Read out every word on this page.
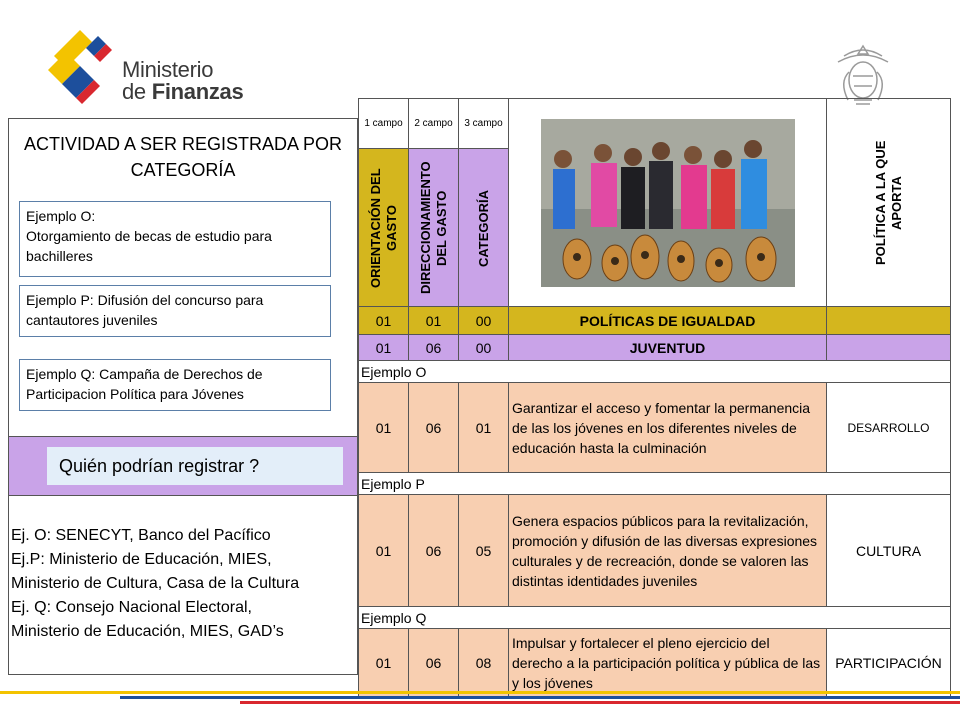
Ministerio
de Finanzas
ACTIVIDAD A SER REGISTRADA POR CATEGORÍA
Ejemplo O:
Otorgamiento de becas de estudio para bachilleres
Ejemplo P: Difusión del concurso para cantautores juveniles
Ejemplo Q: Campaña de Derechos de Participacion Política para Jóvenes
Quién podrían registrar ?
Ej. O: SENECYT, Banco del Pacífico
Ej.P: Ministerio de Educación, MIES,
Ministerio de Cultura, Casa de la Cultura
Ej. Q: Consejo Nacional Electoral,
Ministerio de Educación, MIES, GAD’s
1 campo	2 campo	3 campo		POLÍTICA A LA QUE APORTA

ORIENTACIÓN DEL GASTO	DIRECCIONAMIENTO DEL GASTO	CATEGORÍA		

01	01	00	POLÍTICAS DE IGUALDAD	
01	06	00	JUVENTUD	
Ejemplo O				
01	06	01	Garantizar el acceso y fomentar la permanencia de las los jóvenes en los diferentes niveles de educación hasta la culminación	DESARROLLO
Ejemplo P				
01	06	05	Genera espacios públicos para la revitalización, promoción y difusión de las diversas expresiones culturales y de recreación, donde se valoren las distintas identidades juveniles	CULTURA
Ejemplo Q				
01	06	08	Impulsar y fortalecer el pleno ejercicio del derecho a la participación política y pública de las y los jóvenes	PARTICIPACIÓN
